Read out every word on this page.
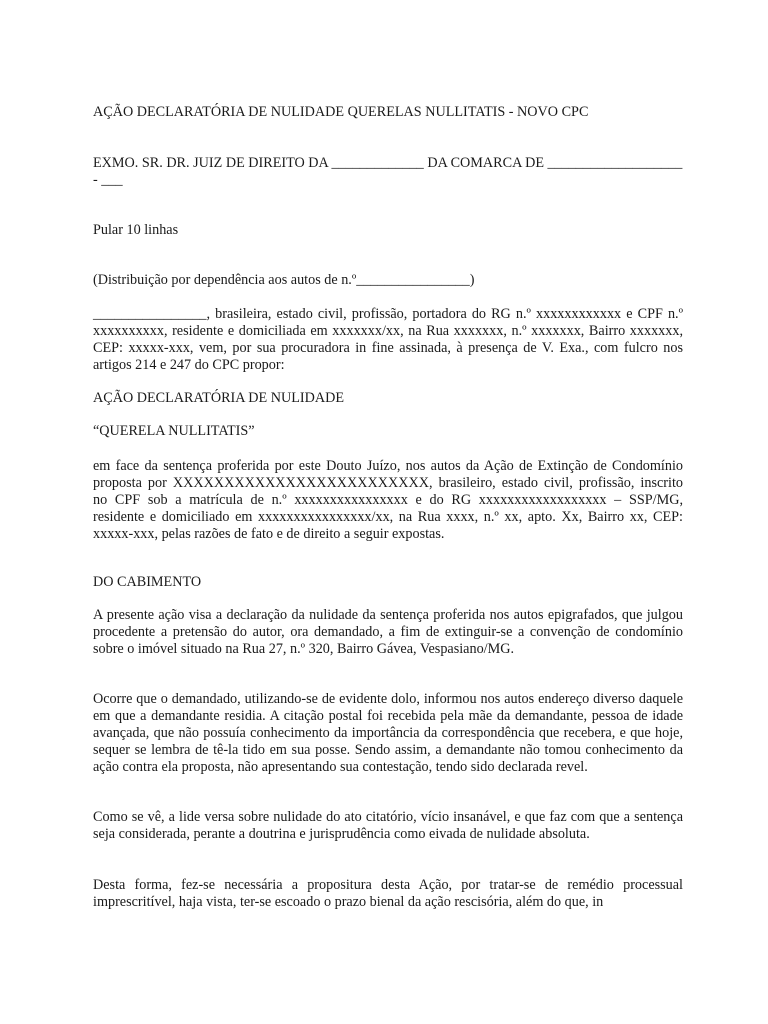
AÇÃO DECLARATÓRIA DE NULIDADE QUERELAS NULLITATIS - NOVO CPC

EXMO. SR. DR. JUIZ DE DIREITO DA _____________ DA COMARCA DE ___________________ - ___

Pular 10 linhas

(Distribuição por dependência aos autos de n.º________________)

________________, brasileira, estado civil, profissão, portadora do RG n.º xxxxxxxxxxxx e CPF n.º xxxxxxxxxx, residente e domiciliada em xxxxxxx/xx, na Rua xxxxxxx, n.º xxxxxxx, Bairro xxxxxxx, CEP: xxxxx-xxx, vem, por sua procuradora in fine assinada, à presença de V. Exa., com fulcro nos artigos 214 e 247 do CPC propor:

AÇÃO DECLARATÓRIA DE NULIDADE

“QUERELA NULLITATIS”

em face da sentença proferida por este Douto Juízo, nos autos da Ação de Extinção de Condomínio proposta por XXXXXXXXXXXXXXXXXXXXXXXXX, brasileiro, estado civil, profissão, inscrito no CPF sob a matrícula de n.º xxxxxxxxxxxxxxxx e do RG xxxxxxxxxxxxxxxxxx – SSP/MG, residente e domiciliado em xxxxxxxxxxxxxxxx/xx, na Rua xxxx, n.º xx, apto. Xx, Bairro xx, CEP: xxxxx-xxx, pelas razões de fato e de direito a seguir expostas.

DO CABIMENTO

A presente ação visa a declaração da nulidade da sentença proferida nos autos epigrafados, que julgou procedente a pretensão do autor, ora demandado, a fim de extinguir-se a convenção de condomínio sobre o imóvel situado na Rua 27, n.º 320, Bairro Gávea, Vespasiano/MG.

Ocorre que o demandado, utilizando-se de evidente dolo, informou nos autos endereço diverso daquele em que a demandante residia. A citação postal foi recebida pela mãe da demandante, pessoa de idade avançada, que não possuía conhecimento da importância da correspondência que recebera, e que hoje, sequer se lembra de tê-la tido em sua posse. Sendo assim, a demandante não tomou conhecimento da ação contra ela proposta, não apresentando sua contestação, tendo sido declarada revel.

Como se vê, a lide versa sobre nulidade do ato citatório, vício insanável, e que faz com que a sentença seja considerada, perante a doutrina e jurisprudência como eivada de nulidade absoluta.

Desta forma, fez-se necessária a propositura desta Ação, por tratar-se de remédio processual imprescritível, haja vista, ter-se escoado o prazo bienal da ação rescisória, além do que, in
